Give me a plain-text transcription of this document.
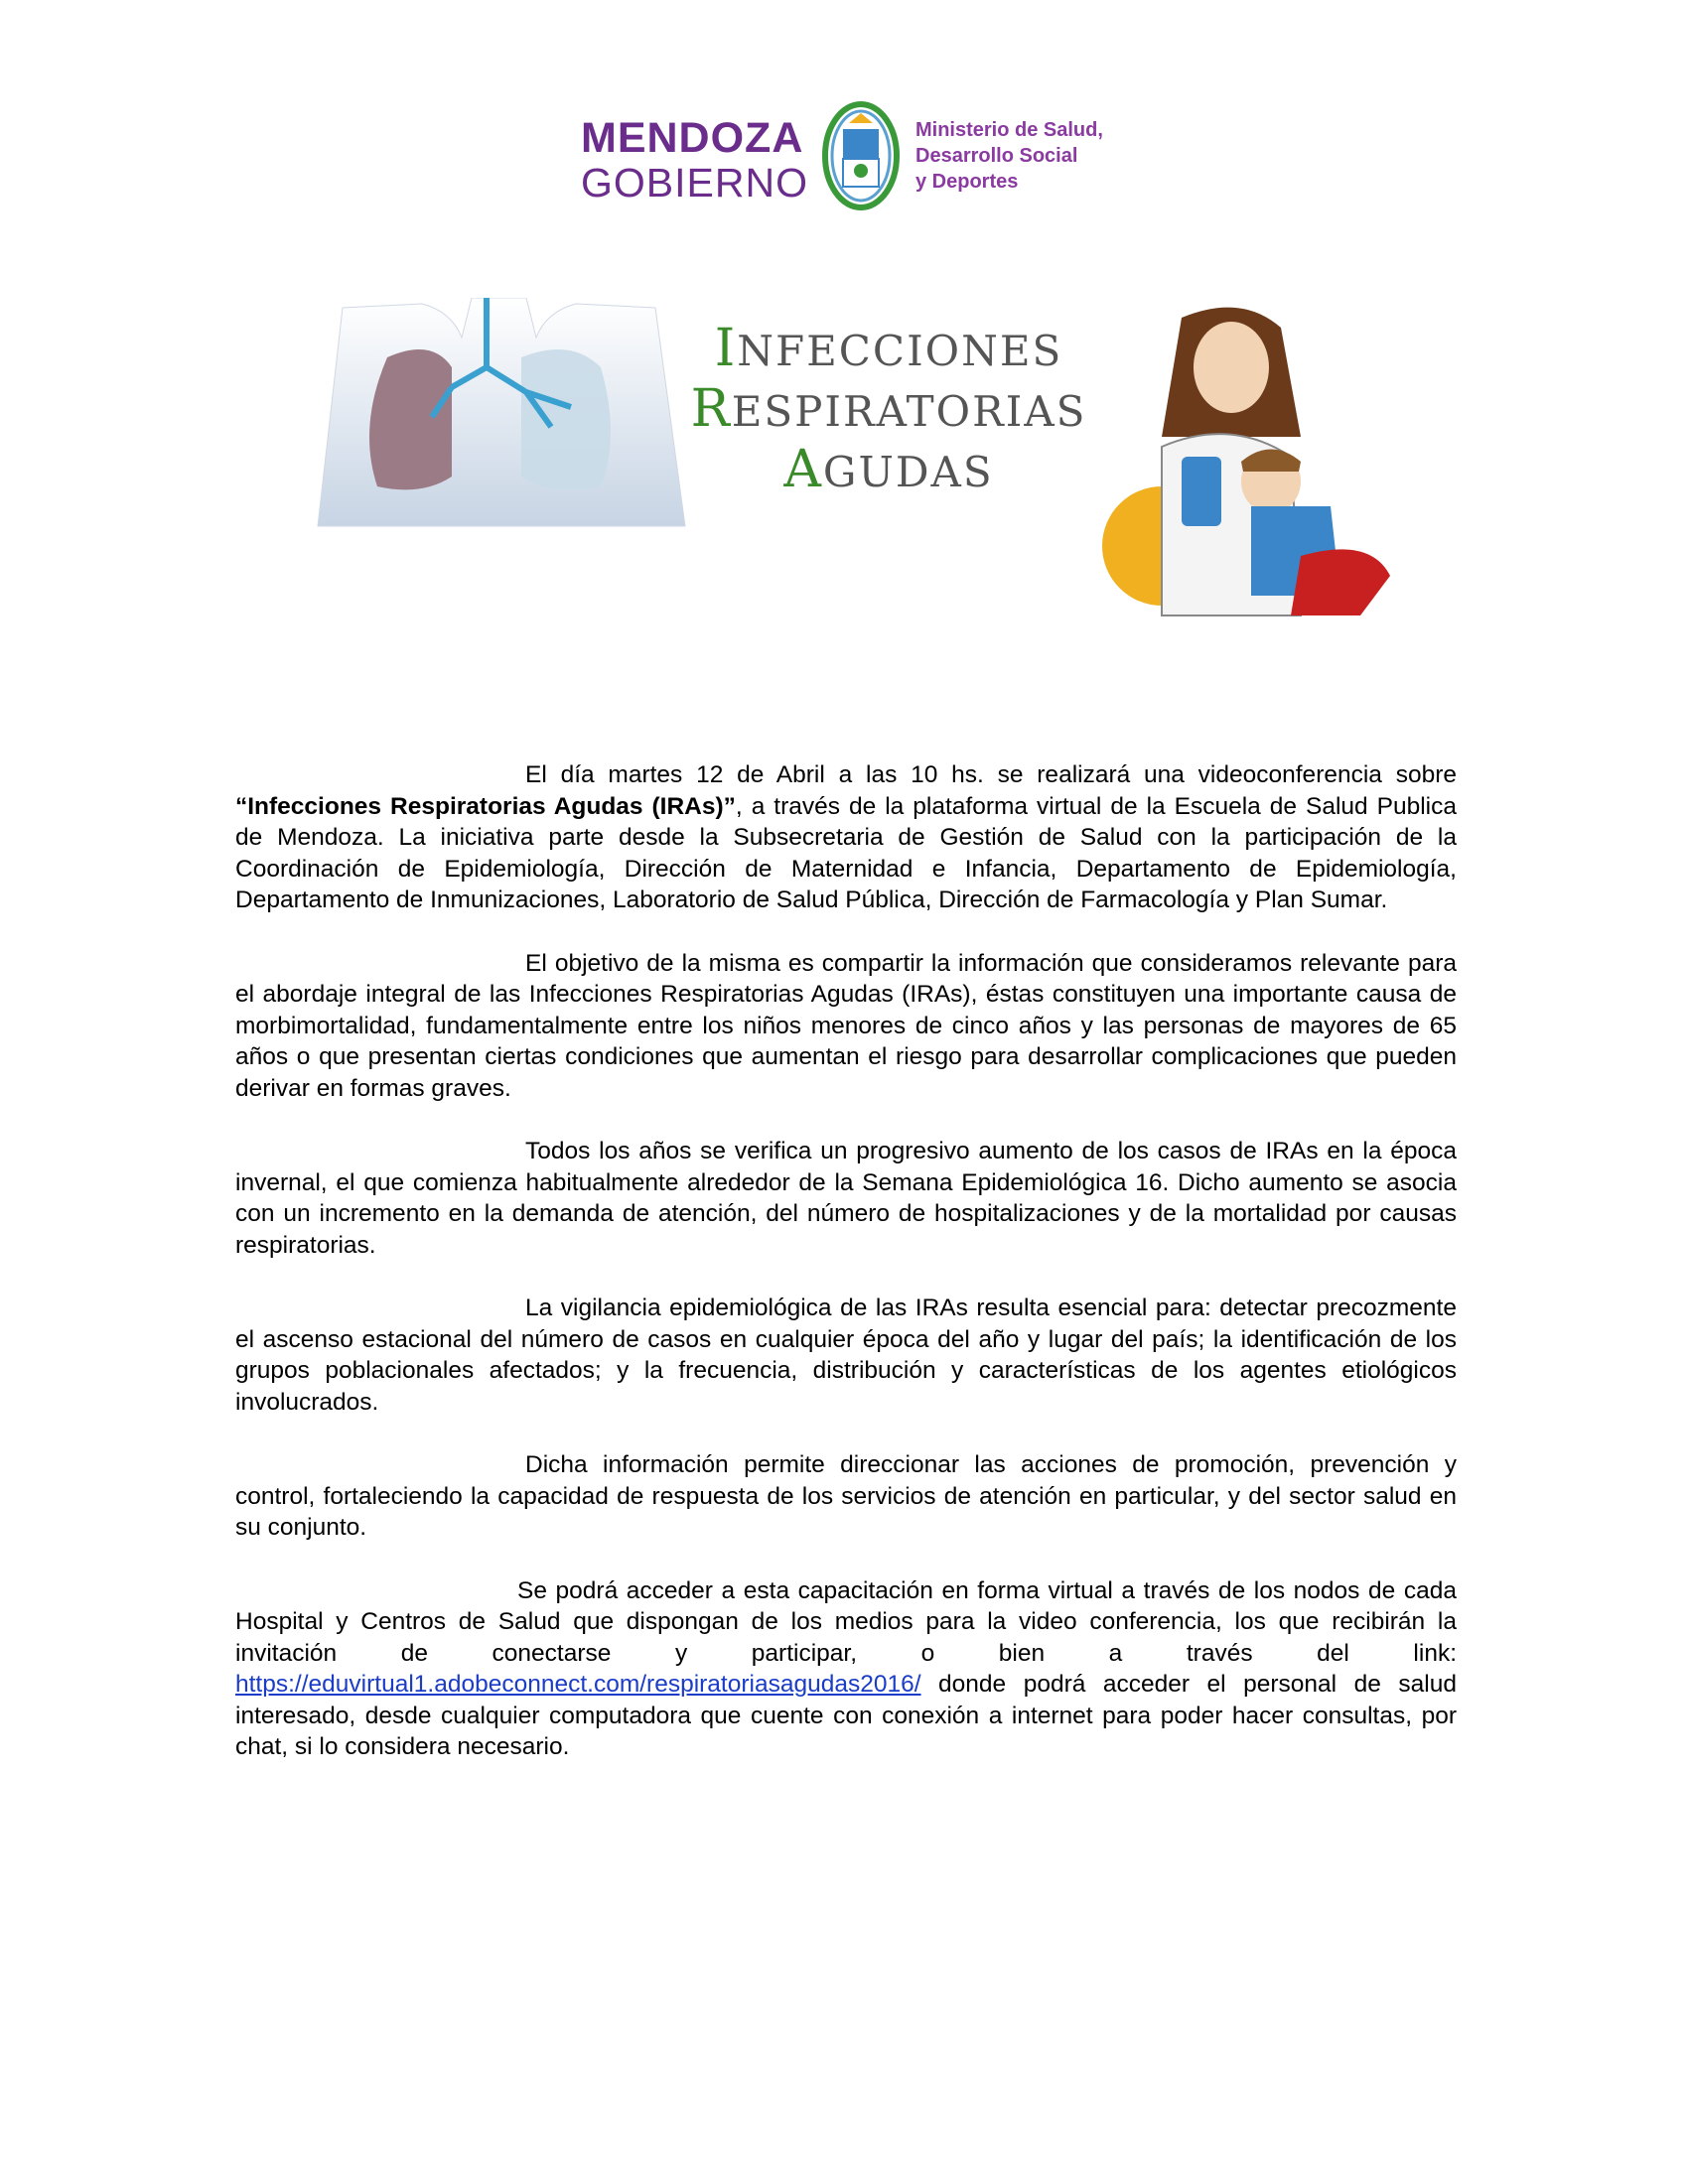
MENDOZA
GOBIERNO
Ministerio de Salud,
Desarrollo Social
y Deportes
INFECCIONES
RESPIRATORIAS
AGUDAS

El día martes 12 de Abril a las 10 hs. se realizará una videoconferencia sobre “Infecciones Respiratorias Agudas (IRAs)”, a través de la plataforma virtual de la Escuela de Salud Publica de Mendoza. La iniciativa parte desde la Subsecretaria de Gestión de Salud con la participación de la Coordinación de Epidemiología, Dirección de Maternidad e Infancia, Departamento de Epidemiología, Departamento de Inmunizaciones, Laboratorio de Salud Pública, Dirección de Farmacología y Plan Sumar.

El objetivo de la misma es compartir la información que consideramos relevante para el abordaje integral de las Infecciones Respiratorias Agudas (IRAs), éstas constituyen una importante causa de morbimortalidad, fundamentalmente entre los niños menores de cinco años y las personas de mayores de 65 años o que presentan ciertas condiciones que aumentan el riesgo para desarrollar complicaciones que pueden derivar en formas graves.

Todos los años se verifica un progresivo aumento de los casos de IRAs en la época invernal, el que comienza habitualmente alrededor de la Semana Epidemiológica 16. Dicho aumento se asocia con un incremento en la demanda de atención, del número de hospitalizaciones y de la mortalidad por causas respiratorias.

La vigilancia epidemiológica de las IRAs resulta esencial para: detectar precozmente el ascenso estacional del número de casos en cualquier época del año y lugar del país; la identificación de los grupos poblacionales afectados; y la frecuencia, distribución y características de los agentes etiológicos involucrados.

Dicha información permite direccionar las acciones de promoción, prevención y control, fortaleciendo la capacidad de respuesta de los servicios de atención en particular, y del sector salud en su conjunto.

Se podrá acceder a esta capacitación en forma virtual a través de los nodos de cada Hospital y Centros de Salud que dispongan de los medios para la video conferencia, los que recibirán la invitación de conectarse y participar, o bien a través del link: https://eduvirtual1.adobeconnect.com/respiratoriasagudas2016/ donde podrá acceder el personal de salud interesado, desde cualquier computadora que cuente con conexión a internet para poder hacer consultas, por chat, si lo considera necesario.
